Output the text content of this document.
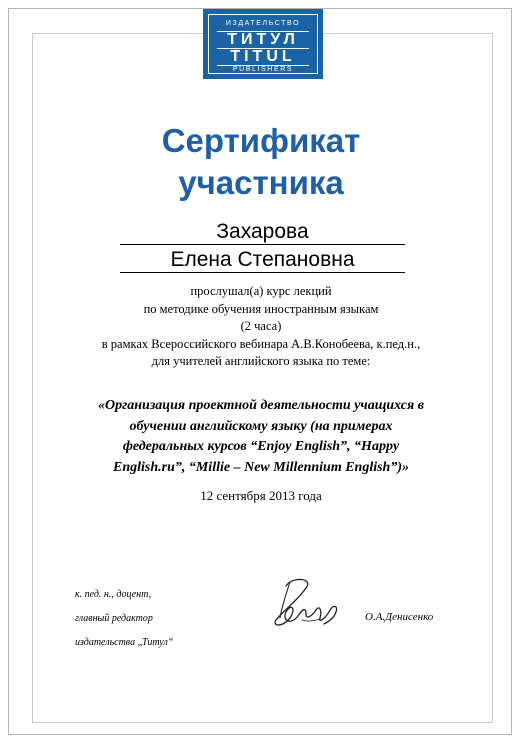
ИЗДАТЕЛЬСТВО
ТИТУЛ
TITUL
PUBLISHERS
Сертификат
участника
Захарова
Елена Степановна
прослушал(а) курс лекций
по методике обучения иностранным языкам
(2 часа)
в рамках Всероссийского вебинара А.В.Конобеева, к.пед.н.,
для учителей английского языка по теме:
«Организация проектной деятельности учащихся в
обучении английскому языку (на примерах
федеральных курсов “Enjoy English”, “Happy
English.ru”, “Millie – New Millennium English”)»
12 сентября 2013 года
к. пед. н., доцент,
главный редактор
издательства „Титул“
О.А.Денисенко
